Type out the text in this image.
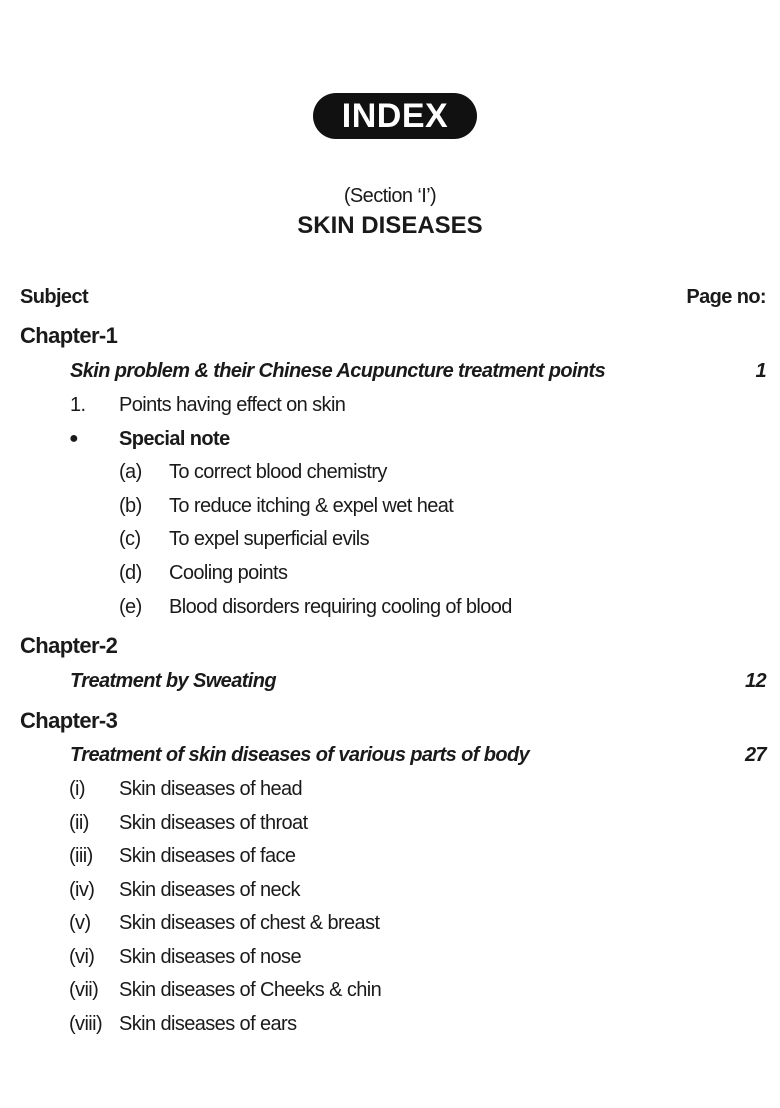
INDEX
(Section ‘I’)
SKIN DISEASES
Subject	Page no:
Chapter-1
Skin problem & their Chinese Acupuncture treatment points	1
1. Points having effect on skin
● Special note
(a) To correct blood chemistry
(b) To reduce itching & expel wet heat
(c) To expel superficial evils
(d) Cooling points
(e) Blood disorders requiring cooling of blood
Chapter-2
Treatment by Sweating	12
Chapter-3
Treatment of skin diseases of various parts of body	27
(i) Skin diseases of head
(ii) Skin diseases of throat
(iii) Skin diseases of face
(iv) Skin diseases of neck
(v) Skin diseases of chest & breast
(vi) Skin diseases of nose
(vii) Skin diseases of Cheeks & chin
(viii) Skin diseases of ears
